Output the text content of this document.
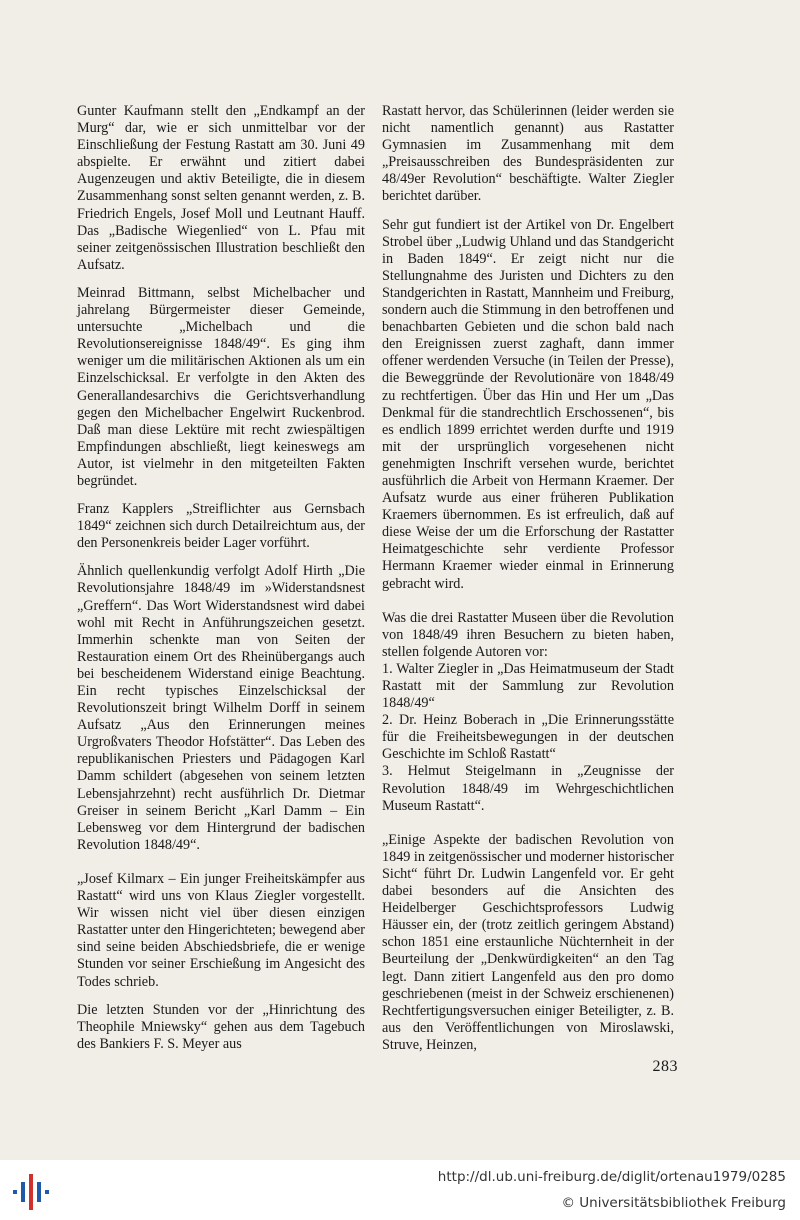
Gunter Kaufmann stellt den „Endkampf an der Murg“ dar, wie er sich unmittelbar vor der Einschließung der Festung Rastatt am 30. Juni 49 abspielte. Er erwähnt und zitiert dabei Augenzeugen und aktiv Beteiligte, die in diesem Zusammenhang sonst selten genannt werden, z. B. Friedrich Engels, Josef Moll und Leutnant Hauff. Das „Badische Wiegenlied“ von L. Pfau mit seiner zeitgenössischen Illustration beschließt den Aufsatz.

Meinrad Bittmann, selbst Michelbacher und jahrelang Bürgermeister dieser Gemeinde, untersuchte „Michelbach und die Revolutionsereignisse 1848/49“. Es ging ihm weniger um die militärischen Aktionen als um ein Einzelschicksal. Er verfolgte in den Akten des Generallandesarchivs die Gerichtsverhandlung gegen den Michelbacher Engelwirt Ruckenbrod. Daß man diese Lektüre mit recht zwiespältigen Empfindungen abschließt, liegt keineswegs am Autor, ist vielmehr in den mitgeteilten Fakten begründet.

Franz Kapplers „Streiflichter aus Gernsbach 1849“ zeichnen sich durch Detailreichtum aus, der den Personenkreis beider Lager vorführt.

Ähnlich quellenkundig verfolgt Adolf Hirth „Die Revolutionsjahre 1848/49 im »Widerstandsnest „Greffern“. Das Wort Widerstandsnest wird dabei wohl mit Recht in Anführungszeichen gesetzt. Immerhin schenkte man von Seiten der Restauration einem Ort des Rheinübergangs auch bei bescheidenem Widerstand einige Beachtung. Ein recht typisches Einzelschicksal der Revolutionszeit bringt Wilhelm Dorff in seinem Aufsatz „Aus den Erinnerungen meines Urgroßvaters Theodor Hofstätter“. Das Leben des republikanischen Priesters und Pädagogen Karl Damm schildert (abgesehen von seinem letzten Lebensjahrzehnt) recht ausführlich Dr. Dietmar Greiser in seinem Bericht „Karl Damm – Ein Lebensweg vor dem Hintergrund der badischen Revolution 1848/49“.

„Josef Kilmarx – Ein junger Freiheitskämpfer aus Rastatt“ wird uns von Klaus Ziegler vorgestellt. Wir wissen nicht viel über diesen einzigen Rastatter unter den Hingerichteten; bewegend aber sind seine beiden Abschiedsbriefe, die er wenige Stunden vor seiner Erschießung im Angesicht des Todes schrieb.

Die letzten Stunden vor der „Hinrichtung des Theophile Mniewsky“ gehen aus dem Tagebuch des Bankiers F. S. Meyer aus

Rastatt hervor, das Schülerinnen (leider werden sie nicht namentlich genannt) aus Rastatter Gymnasien im Zusammenhang mit dem „Preisausschreiben des Bundespräsidenten zur 48/49er Revolution“ beschäftigte. Walter Ziegler berichtet darüber.

Sehr gut fundiert ist der Artikel von Dr. Engelbert Strobel über „Ludwig Uhland und das Standgericht in Baden 1849“. Er zeigt nicht nur die Stellungnahme des Juristen und Dichters zu den Standgerichten in Rastatt, Mannheim und Freiburg, sondern auch die Stimmung in den betroffenen und benachbarten Gebieten und die schon bald nach den Ereignissen zuerst zaghaft, dann immer offener werdenden Versuche (in Teilen der Presse), die Beweggründe der Revolutionäre von 1848/49 zu rechtfertigen. Über das Hin und Her um „Das Denkmal für die standrechtlich Erschossenen“, bis es endlich 1899 errichtet werden durfte und 1919 mit der ursprünglich vorgesehenen nicht genehmigten Inschrift versehen wurde, berichtet ausführlich die Arbeit von Hermann Kraemer. Der Aufsatz wurde aus einer früheren Publikation Kraemers übernommen. Es ist erfreulich, daß auf diese Weise der um die Erforschung der Rastatter Heimatgeschichte sehr verdiente Professor Hermann Kraemer wieder einmal in Erinnerung gebracht wird.

Was die drei Rastatter Museen über die Revolution von 1848/49 ihren Besuchern zu bieten haben, stellen folgende Autoren vor:

1. Walter Ziegler in „Das Heimatmuseum der Stadt Rastatt mit der Sammlung zur Revolution 1848/49“
2. Dr. Heinz Boberach in „Die Erinnerungsstätte für die Freiheitsbewegungen in der deutschen Geschichte im Schloß Rastatt“

3. Helmut Steigelmann in „Zeugnisse der Revolution 1848/49 im Wehrgeschichtlichen Museum Rastatt“.

„Einige Aspekte der badischen Revolution von 1849 in zeitgenössischer und moderner historischer Sicht“ führt Dr. Ludwin Langenfeld vor. Er geht dabei besonders auf die Ansichten des Heidelberger Geschichtsprofessors Ludwig Häusser ein, der (trotz zeitlich geringem Abstand) schon 1851 eine erstaunliche Nüchternheit in der Beurteilung der „Denkwürdigkeiten“ an den Tag legt. Dann zitiert Langenfeld aus den pro domo geschriebenen (meist in der Schweiz erschienenen) Rechtfertigungsversuchen einiger Beteiligter, z. B. aus den Veröffentlichungen von Miroslawski, Struve, Heinzen,

283
http://dl.ub.uni-freiburg.de/diglit/ortenau1979/0285
© Universitätsbibliothek Freiburg
